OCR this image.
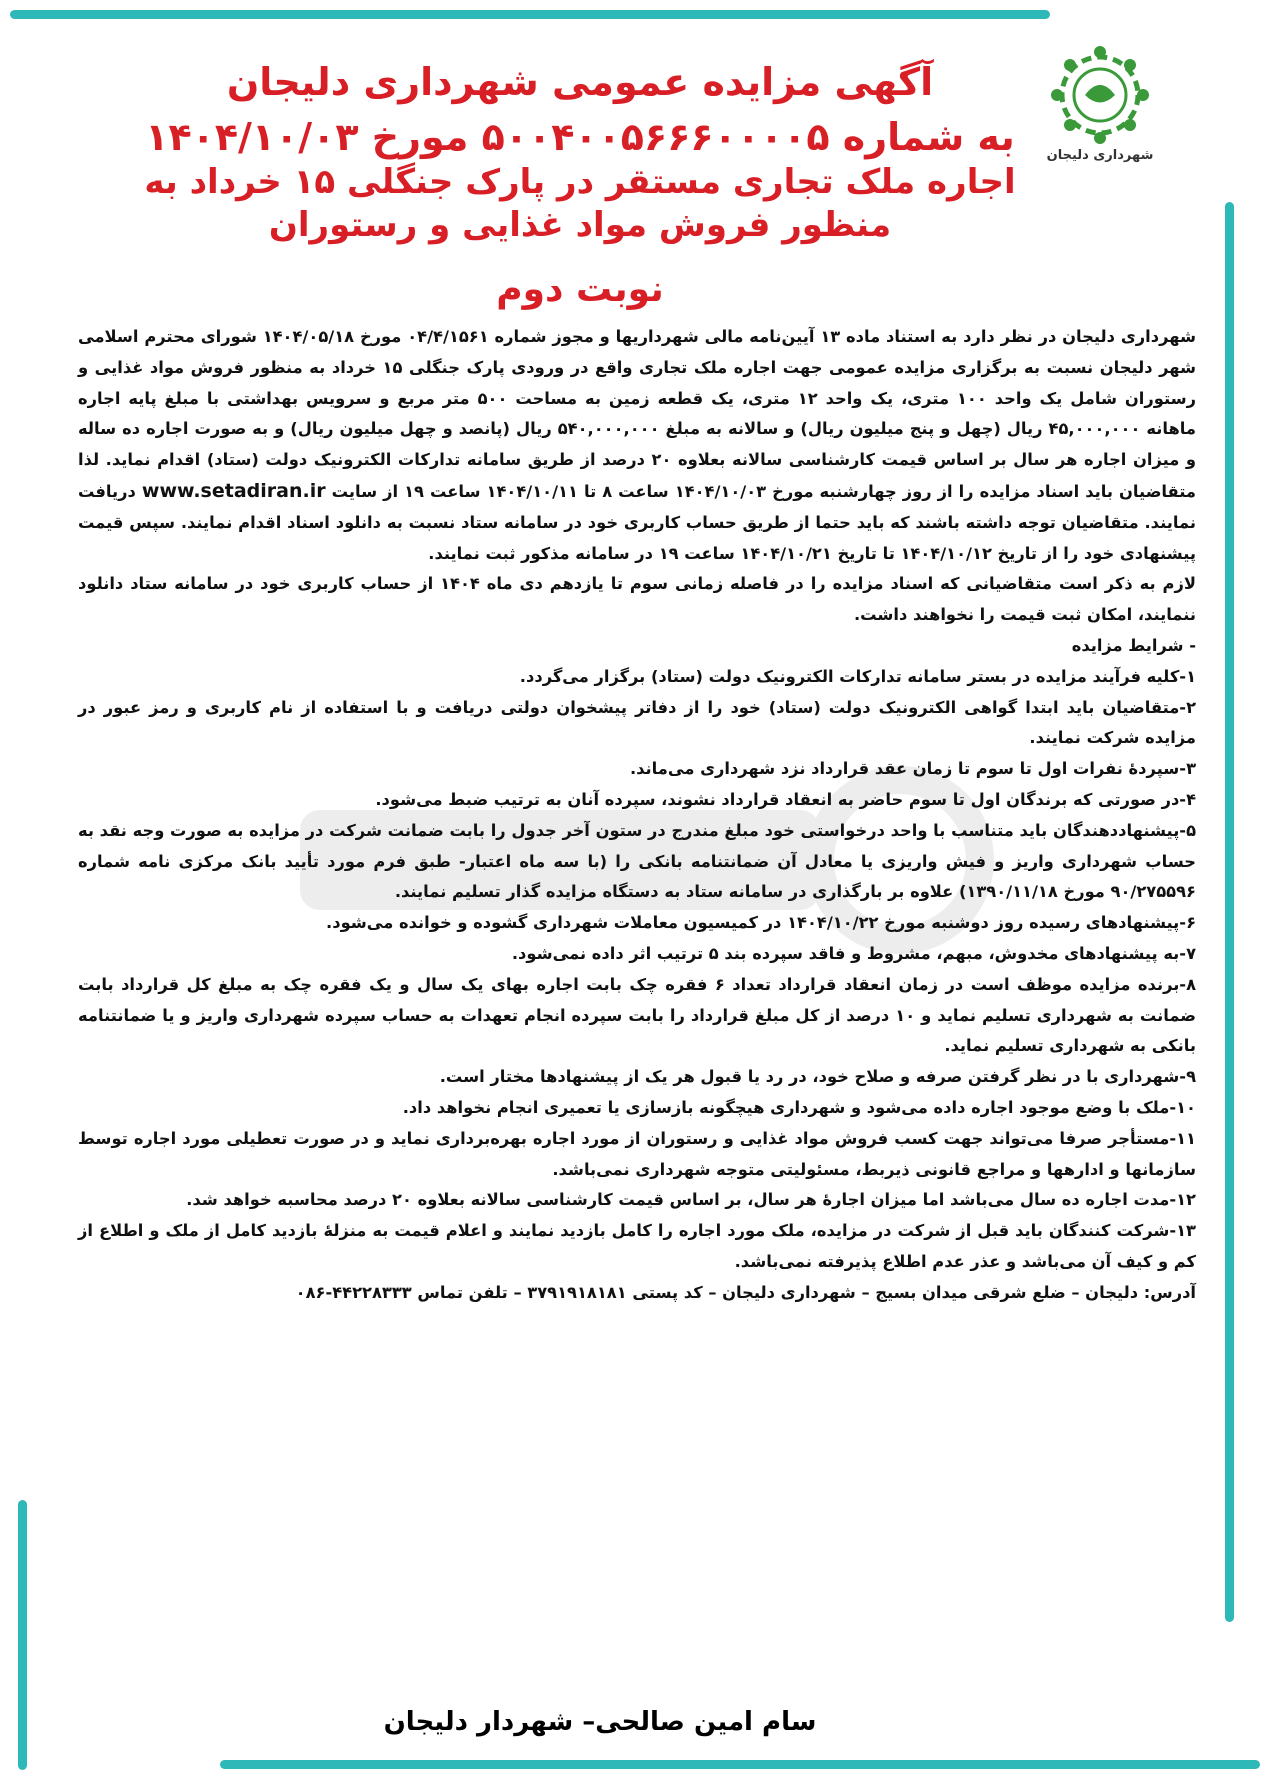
شهرداری دلیجان
آگهی مزایده عمومی شهرداری دلیجان
به شماره ۵۰۰۴۰۰۵۶۶۶۰۰۰۰۵ مورخ ۱۴۰۴/۱۰/۰۳
اجاره ملک تجاری مستقر در پارک جنگلی ۱۵ خرداد به منظور فروش مواد غذایی و رستوران
نوبت دوم

شهرداری دلیجان در نظر دارد به استناد ماده ۱۳ آیین‌نامه مالی شهرداریها و مجوز شماره ۰۴/۴/۱۵۶۱ مورخ ۱۴۰۴/۰۵/۱۸ شورای محترم اسلامی شهر دلیجان نسبت به برگزاری مزایده عمومی جهت اجاره ملک تجاری واقع در ورودی پارک جنگلی ۱۵ خرداد به منظور فروش مواد غذایی و رستوران شامل یک واحد ۱۰۰ متری، یک واحد ۱۲ متری، یک قطعه زمین به مساحت ۵۰۰ متر مربع و سرویس بهداشتی با مبلغ پایه اجاره ماهانه ۴۵,۰۰۰,۰۰۰ ریال (چهل و پنج میلیون ریال) و سالانه به مبلغ ۵۴۰,۰۰۰,۰۰۰ ریال (پانصد و چهل میلیون ریال) و به صورت اجاره ده ساله و میزان اجاره هر سال بر اساس قیمت کارشناسی سالانه بعلاوه ۲۰ درصد از طریق سامانه تدارکات الکترونیک دولت (ستاد) اقدام نماید. لذا متقاضیان باید اسناد مزایده را از روز چهارشنبه مورخ ۱۴۰۴/۱۰/۰۳ ساعت ۸ تا ۱۴۰۴/۱۰/۱۱ ساعت ۱۹ از سایت www.setadiran.ir دریافت نمایند. متقاضیان توجه داشته باشند که باید حتما از طریق حساب کاربری خود در سامانه ستاد نسبت به دانلود اسناد اقدام نمایند. سپس قیمت پیشنهادی خود را از تاریخ ۱۴۰۴/۱۰/۱۲ تا تاریخ ۱۴۰۴/۱۰/۲۱ ساعت ۱۹ در سامانه مذکور ثبت نمایند.

لازم به ذکر است متقاضیانی که اسناد مزایده را در فاصله زمانی سوم تا یازدهم دی ماه ۱۴۰۴ از حساب کاربری خود در سامانه ستاد دانلود ننمایند، امکان ثبت قیمت را نخواهند داشت.

- شرایط مزایده

۱-کلیه فرآیند مزایده در بستر سامانه تدارکات الکترونیک دولت (ستاد) برگزار می‌گردد.

۲-متقاضیان باید ابتدا گواهی الکترونیک دولت (ستاد) خود را از دفاتر پیشخوان دولتی دریافت و با استفاده از نام کاربری و رمز عبور در مزایده شرکت نمایند.

۳-سپردهٔ نفرات اول تا سوم تا زمان عقد قرارداد نزد شهرداری می‌ماند.

۴-در صورتی که برندگان اول تا سوم حاضر به انعقاد قرارداد نشوند، سپرده آنان به ترتیب ضبط می‌شود.

۵-پیشنهاددهندگان باید متناسب با واحد درخواستی خود مبلغ مندرج در ستون آخر جدول را بابت ضمانت شرکت در مزایده به صورت وجه نقد به حساب شهرداری واریز و فیش واریزی یا معادل آن ضمانتنامه بانکی را (با سه ماه اعتبار- طبق فرم مورد تأیید بانک مرکزی نامه شماره ۹۰/۲۷۵۵۹۶ مورخ ۱۳۹۰/۱۱/۱۸) علاوه بر بارگذاری در سامانه ستاد به دستگاه مزایده گذار تسلیم نمایند.

۶-پیشنهادهای رسیده روز دوشنبه مورخ ۱۴۰۴/۱۰/۲۲ در کمیسیون معاملات شهرداری گشوده و خوانده می‌شود.

۷-به پیشنهادهای مخدوش، مبهم، مشروط و فاقد سپرده بند ۵ ترتیب اثر داده نمی‌شود.

۸-برنده مزایده موظف است در زمان انعقاد قرارداد تعداد ۶ فقره چک بابت اجاره بهای یک سال و یک فقره چک به مبلغ کل قرارداد بابت ضمانت به شهرداری تسلیم نماید و ۱۰ درصد از کل مبلغ قرارداد را بابت سپرده انجام تعهدات به حساب سپرده شهرداری واریز و یا ضمانتنامه بانکی به شهرداری تسلیم نماید.

۹-شهرداری با در نظر گرفتن صرفه و صلاح خود، در رد یا قبول هر یک از پیشنهادها مختار است.

۱۰-ملک با وضع موجود اجاره داده می‌شود و شهرداری هیچگونه بازسازی یا تعمیری انجام نخواهد داد.

۱۱-مستأجر صرفا می‌تواند جهت کسب فروش مواد غذایی و رستوران از مورد اجاره بهره‌برداری نماید و در صورت تعطیلی مورد اجاره توسط سازمانها و ادارهها و مراجع قانونی ذیربط، مسئولیتی متوجه شهرداری نمی‌باشد.

۱۲-مدت اجاره ده سال می‌باشد اما میزان اجارهٔ هر سال، بر اساس قیمت کارشناسی سالانه بعلاوه ۲۰ درصد محاسبه خواهد شد.

۱۳-شرکت کنندگان باید قبل از شرکت در مزایده، ملک مورد اجاره را کامل بازدید نمایند و اعلام قیمت به منزلهٔ بازدید کامل از ملک و اطلاع از کم و کیف آن می‌باشد و عذر عدم اطلاع پذیرفته نمی‌باشد.

آدرس: دلیجان – ضلع شرقی میدان بسیج – شهرداری دلیجان – کد پستی ۳۷۹۱۹۱۸۱۸۱ – تلفن تماس ۴۴۲۲۸۳۳۳-۰۸۶

سام امین صالحی– شهردار دلیجان
